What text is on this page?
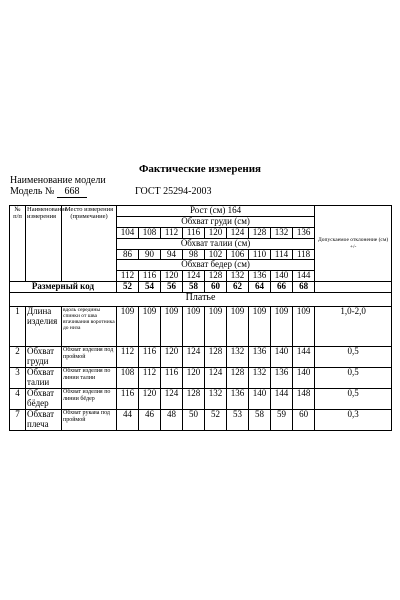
Фактические измерения
Наименование модели
Модель № 668	ГОСТ 25294-2003
№ п/п	Наименование измерения	Место измерения (примечание)	Рост (см) 164									Допускаемое отклонение (см) +/-
			Обхват груди (см)									
			104	108	112	116	120	124	128	132	136	
			Обхват талии (см)									
			86	90	94	98	102	106	110	114	118	
			Обхват бедер (см)									
			112	116	120	124	128	132	136	140	144	
Размерный код			52	54	56	58	60	62	64	66	68	
Платье												
1	Длина изделия	вдоль середины спинки от шва втачивания воротника до низа	109	109	109	109	109	109	109	109	109	1,0-2,0
2	Обхват груди	Обхват изделия под проймой	112	116	120	124	128	132	136	140	144	0,5
3	Обхват талии	Обхват изделия по линии талии	108	112	116	120	124	128	132	136	140	0,5
4	Обхват бёдер	Обхват изделия по линии бёдер	116	120	124	128	132	136	140	144	148	0,5
7	Обхват плеча	Обхват рукава под проймой	44	46	48	50	52	53	58	59	60	0,3
